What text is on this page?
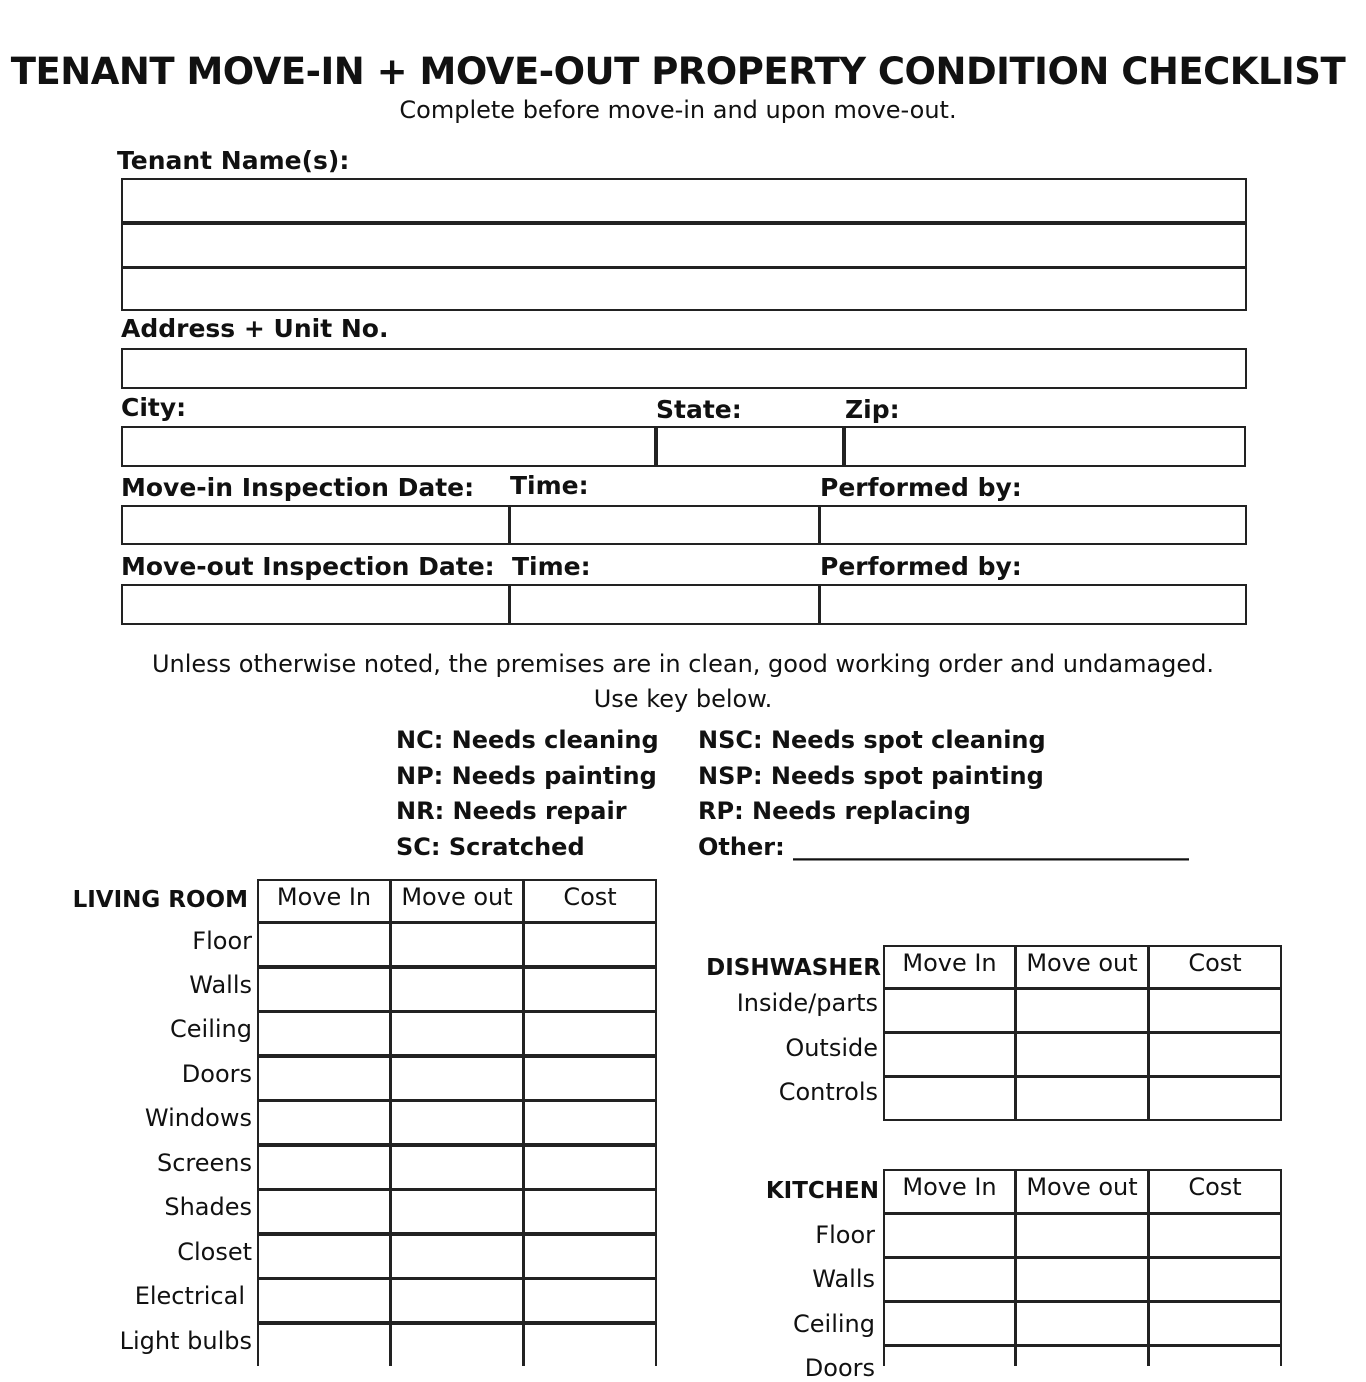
TENANT MOVE-IN + MOVE-OUT PROPERTY CONDITION CHECKLIST
Complete before move-in and upon move-out.
Tenant Name(s):
Address + Unit No.
City:	State:	Zip:
Move-in Inspection Date: Time:	Performed by:
Move-out Inspection Date: Time:	Performed by:
Unless otherwise noted, the premises are in clean, good working order and undamaged.
Use key below.
NC: Needs cleaning
NP: Needs painting
NR: Needs repair
SC: Scratched
NSC: Needs spot cleaning
NSP: Needs spot painting
RP: Needs replacing
Other: _________________________________
LIVING ROOM	Move In	Move out	Cost
Floor
Walls
Ceiling
Doors
Windows
Screens
Shades
Closet
Electrical
Light bulbs
DISHWASHER Move In	Move out	Cost
Inside/parts
Outside
Controls
KITCHEN Move In	Move out	Cost
Floor
Walls
Ceiling
Doors
